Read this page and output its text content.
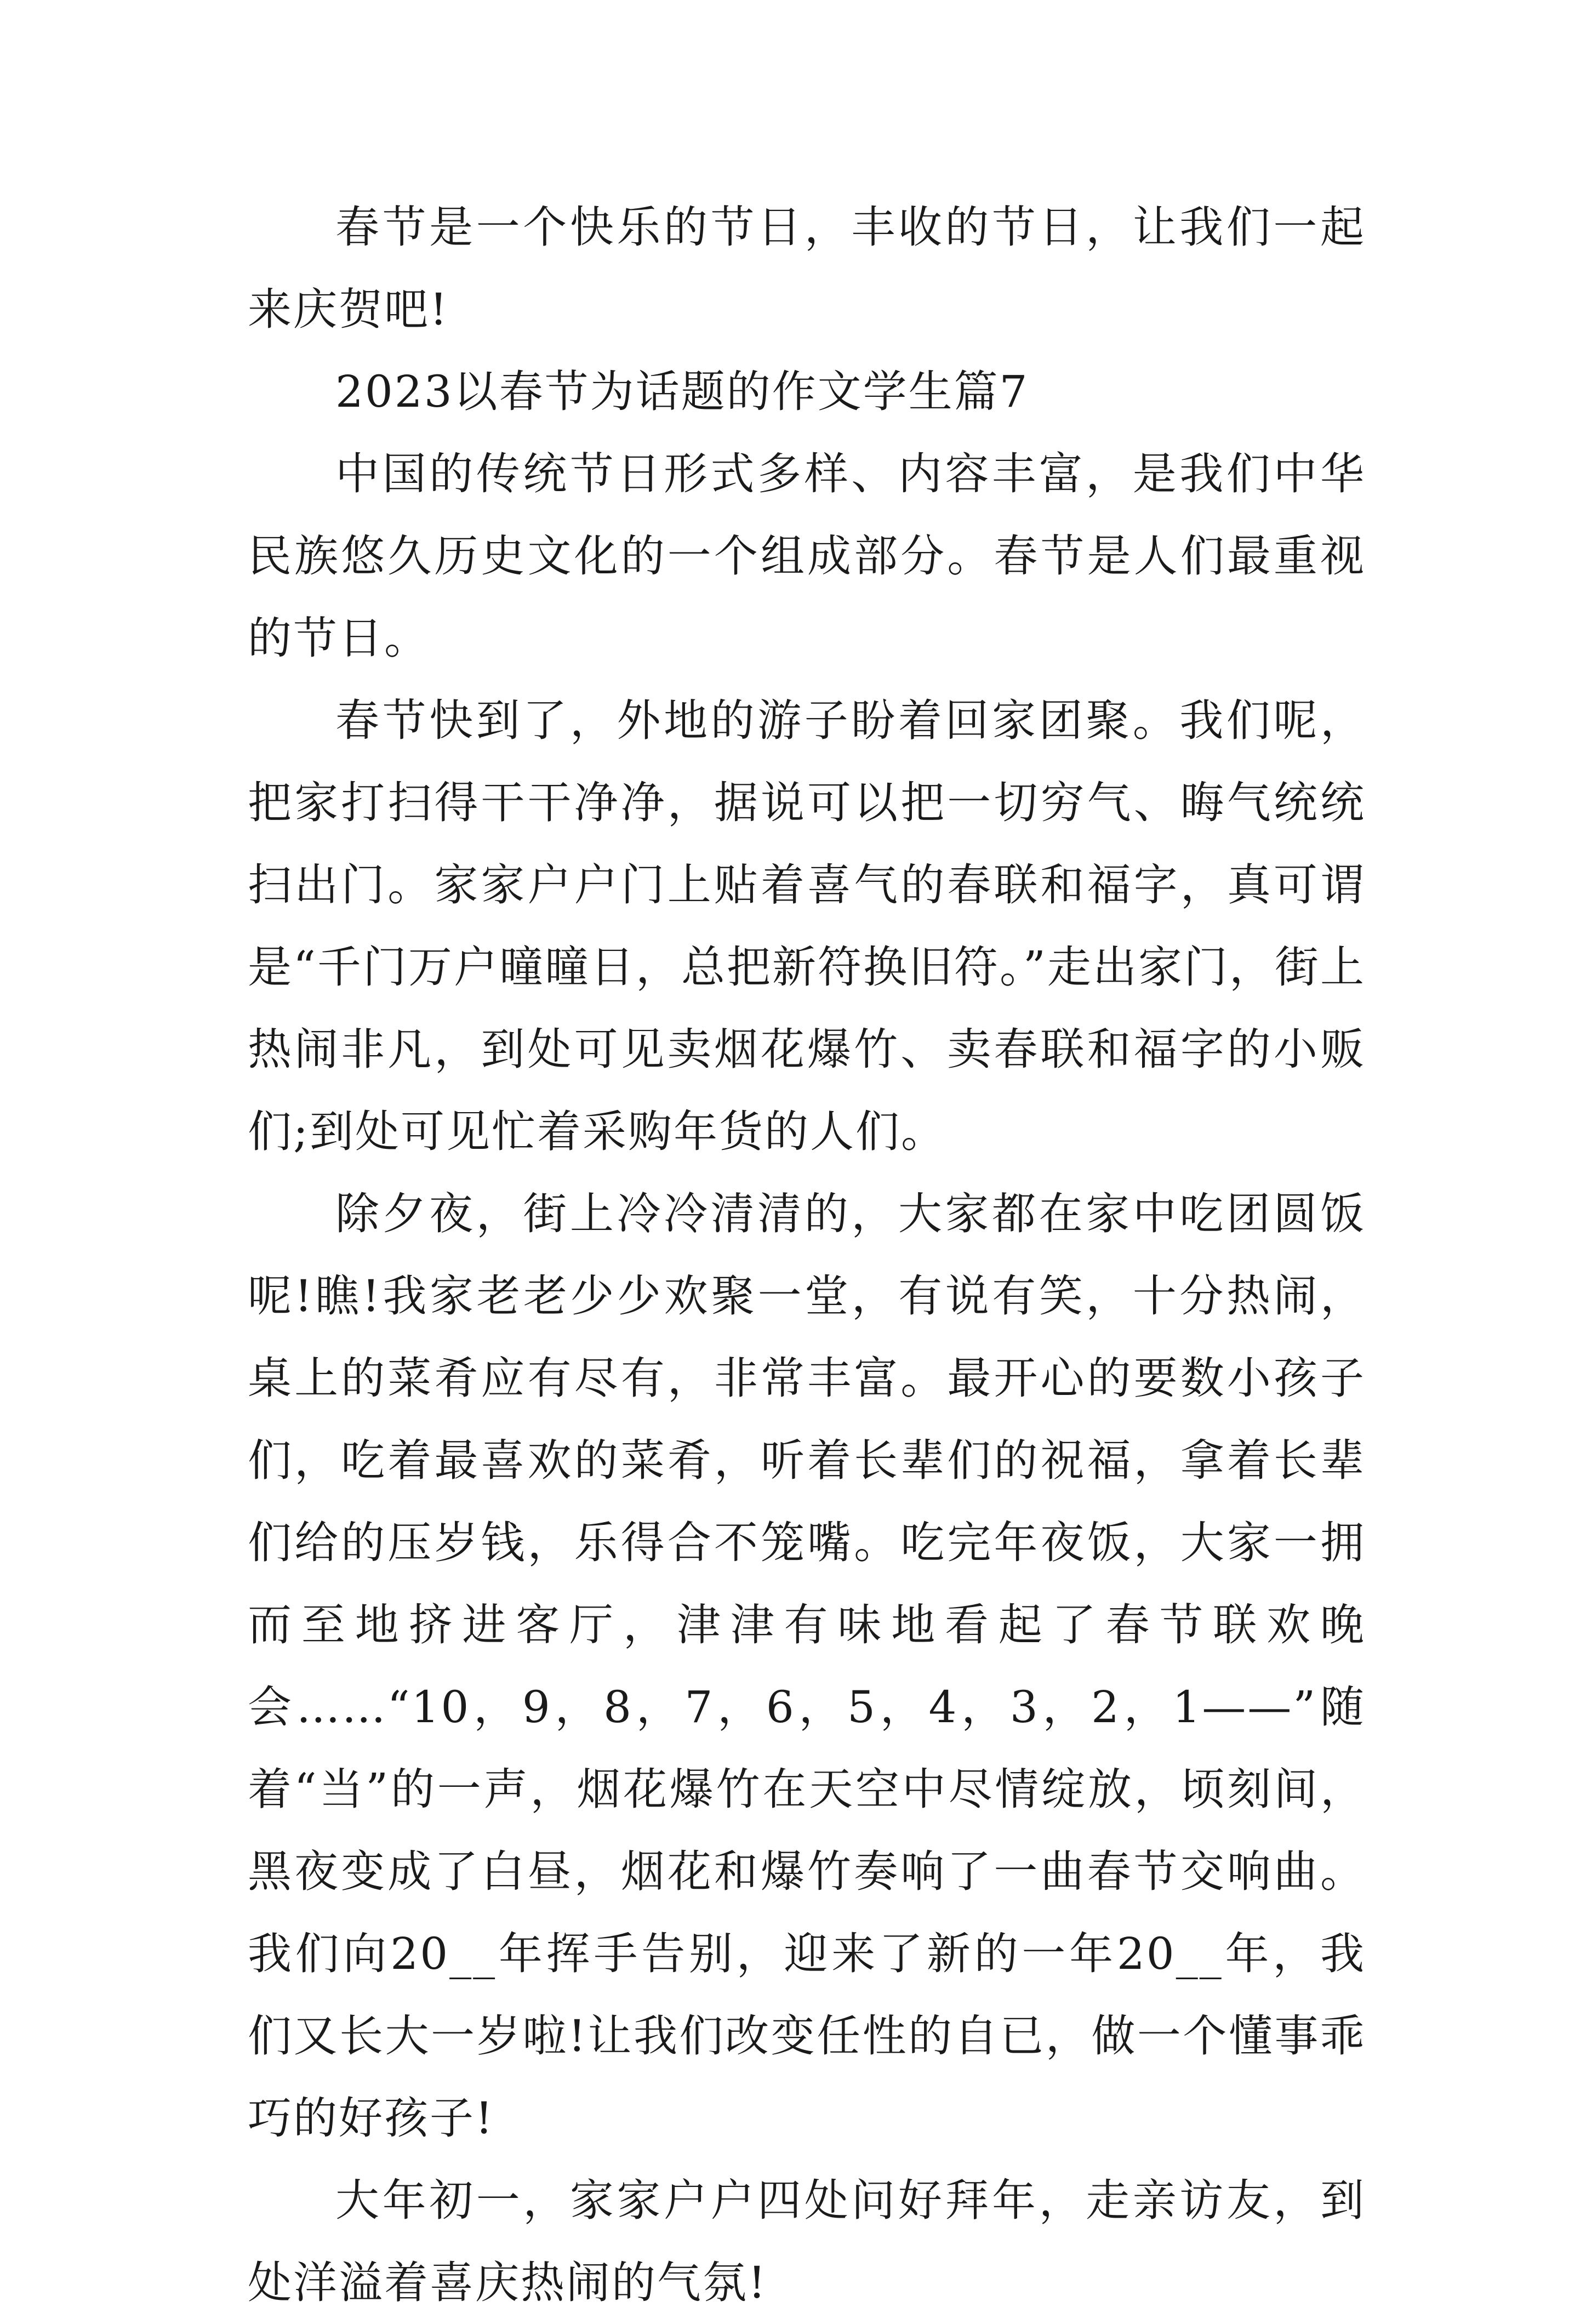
春节是一个快乐的节日，丰收的节日，让我们一起来庆贺吧!

2023以春节为话题的作文学生篇7

中国的传统节日形式多样、内容丰富，是我们中华民族悠久历史文化的一个组成部分。春节是人们最重视的节日。

春节快到了，外地的游子盼着回家团聚。我们呢，把家打扫得干干净净，据说可以把一切穷气、晦气统统扫出门。家家户户门上贴着喜气的春联和福字，真可谓是“千门万户曈曈日，总把新符换旧符。”走出家门，街上热闹非凡，到处可见卖烟花爆竹、卖春联和福字的小贩们;到处可见忙着采购年货的人们。

除夕夜，街上冷冷清清的，大家都在家中吃团圆饭呢!瞧!我家老老少少欢聚一堂，有说有笑，十分热闹，桌上的菜肴应有尽有，非常丰富。最开心的要数小孩子们，吃着最喜欢的菜肴，听着长辈们的祝福，拿着长辈们给的压岁钱，乐得合不笼嘴。吃完年夜饭，大家一拥而至地挤进客厅，津津有味地看起了春节联欢晚会……“10，9，8，7，6，5，4，3，2，1——”随着“当”的一声，烟花爆竹在天空中尽情绽放，顷刻间，黑夜变成了白昼，烟花和爆竹奏响了一曲春节交响曲。我们向20__年挥手告别，迎来了新的一年20__年，我们又长大一岁啦!让我们改变任性的自已，做一个懂事乖巧的好孩子!

大年初一，家家户户四处问好拜年，走亲访友，到处洋溢着喜庆热闹的气氛!
